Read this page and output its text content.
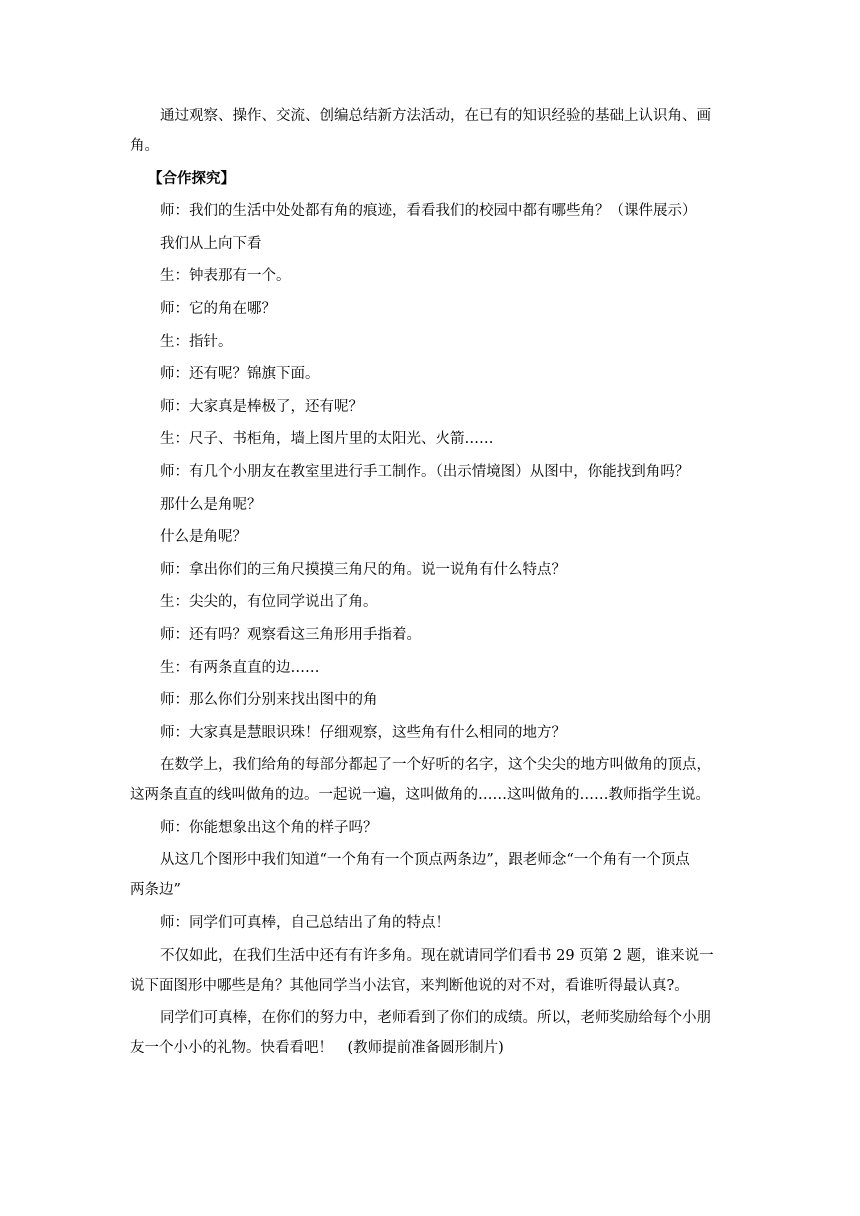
通过观察、操作、交流、创编总结新方法活动，在已有的知识经验的基础上认识角、画
角。
【合作探究】
师：我们的生活中处处都有角的痕迹，看看我们的校园中都有哪些角？（课件展示）
我们从上向下看
生：钟表那有一个。
师：它的角在哪？
生：指针。
师：还有呢？锦旗下面。
师：大家真是棒极了，还有呢？
生：尺子、书柜角，墙上图片里的太阳光、火箭……
师：有几个小朋友在教室里进行手工制作。（出示情境图）从图中，你能找到角吗？
那什么是角呢？
什么是角呢？
师：拿出你们的三角尺摸摸三角尺的角。说一说角有什么特点？
生：尖尖的，有位同学说出了角。
师：还有吗？观察看这三角形用手指着。
生：有两条直直的边……
师：那么你们分别来找出图中的角
师：大家真是慧眼识珠！仔细观察，这些角有什么相同的地方？
在数学上，我们给角的每部分都起了一个好听的名字，这个尖尖的地方叫做角的顶点，
这两条直直的线叫做角的边。一起说一遍，这叫做角的……这叫做角的……教师指学生说。
师：你能想象出这个角的样子吗？
从这几个图形中我们知道“一个角有一个顶点两条边”，跟老师念“一个角有一个顶点
两条边”
师：同学们可真棒，自己总结出了角的特点！
不仅如此，在我们生活中还有有许多角。现在就请同学们看书 29 页第 2 题，谁来说一
说下面图形中哪些是角？其他同学当小法官，来判断他说的对不对，看谁听得最认真?。
同学们可真棒，在你们的努力中，老师看到了你们的成绩。所以，老师奖励给每个小朋
友一个小小的礼物。快看看吧！　(教师提前准备圆形制片)
